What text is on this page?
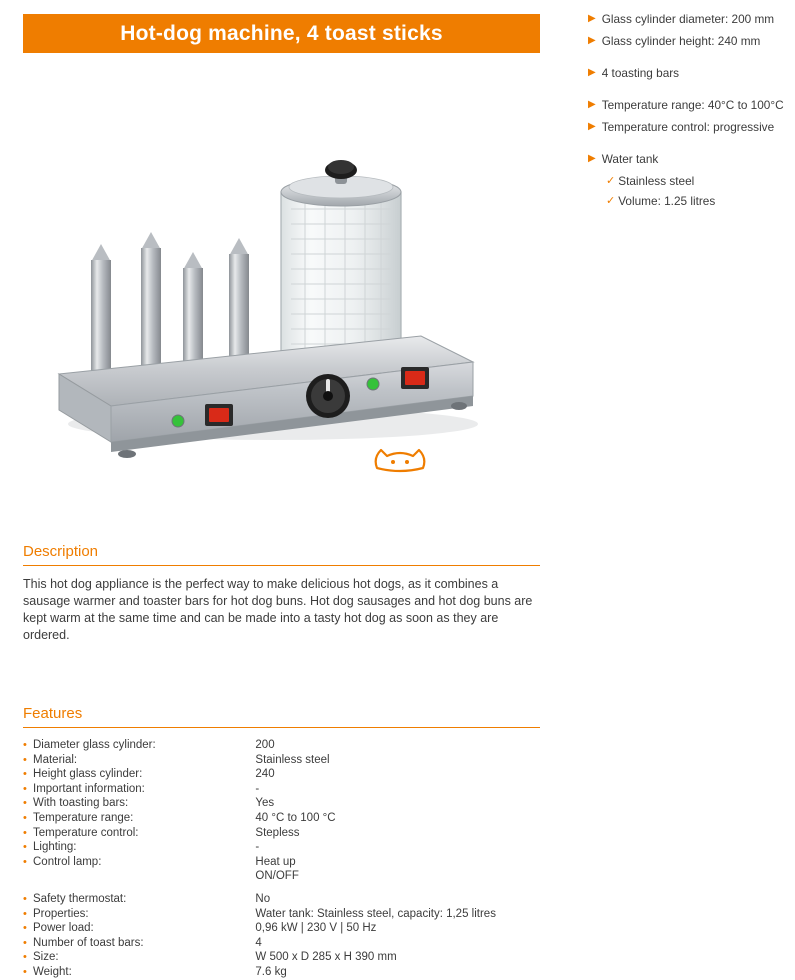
Hot-dog machine, 4 toast sticks
Description
This hot dog appliance is the perfect way to make delicious hot dogs, as it combines a sausage warmer and toaster bars for hot dog buns. Hot dog sausages and hot dog buns are kept warm at the same time and can be made into a tasty hot dog as soon as they are ordered.
Features
• Diameter glass cylinder:	200
• Material:	Stainless steel
• Height glass cylinder:	240
• Important information:	-
• With toasting bars:	Yes
• Temperature range:	40 °C to 100 °C
• Temperature control:	Stepless
• Lighting:	-
• Control lamp:	Heat up
ON/OFF

• Safety thermostat:	No
• Properties:	Water tank: Stainless steel, capacity: 1,25 litres
• Power load:	0,96 kW | 230 V | 50 Hz
• Number of toast bars:	4
• Size:	W 500 x D 285 x H 390 mm
• Weight:	7.6 kg
▶ Glass cylinder diameter: 200 mm
▶ Glass cylinder height: 240 mm
▶ 4 toasting bars
▶ Temperature range: 40°C to 100°C
▶ Temperature control: progressive
▶ Water tank
✓ Stainless steel
✓ Volume: 1.25 litres
